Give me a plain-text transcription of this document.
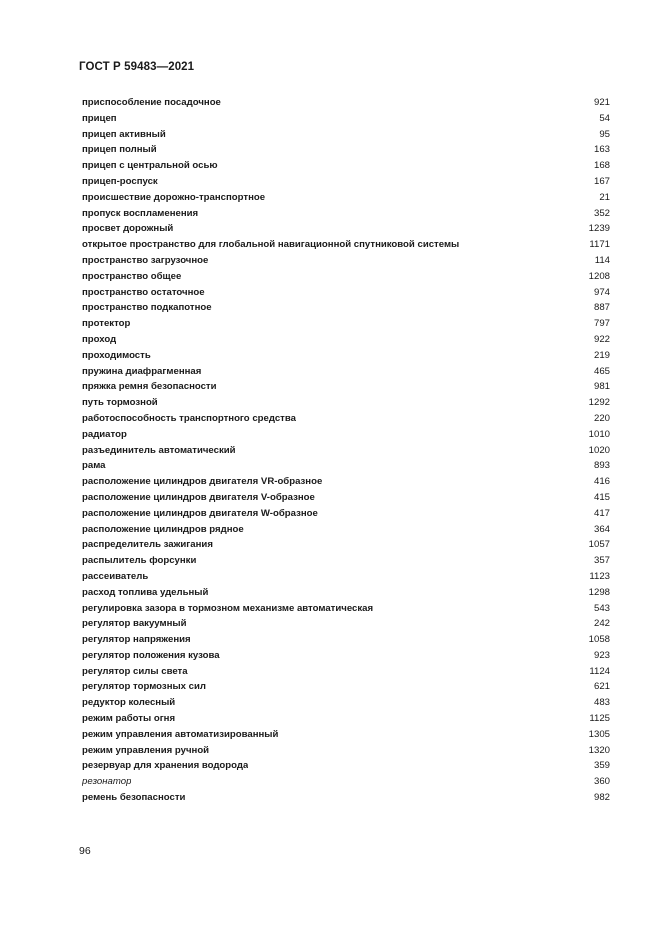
ГОСТ Р 59483—2021
приспособление посадочное	921
прицеп	54
прицеп активный	95
прицеп полный	163
прицеп с центральной осью	168
прицеп-роспуск	167
происшествие дорожно-транспортное	21
пропуск воспламенения	352
просвет дорожный	1239
открытое пространство для глобальной навигационной спутниковой системы	1171
пространство загрузочное	114
пространство общее	1208
пространство остаточное	974
пространство подкапотное	887
протектор	797
проход	922
проходимость	219
пружина диафрагменная	465
пряжка ремня безопасности	981
путь тормозной	1292
работоспособность транспортного средства	220
радиатор	1010
разъединитель автоматический	1020
рама	893
расположение цилиндров двигателя VR-образное	416
расположение цилиндров двигателя V-образное	415
расположение цилиндров двигателя W-образное	417
расположение цилиндров рядное	364
распределитель зажигания	1057
распылитель форсунки	357
рассеиватель	1123
расход топлива удельный	1298
регулировка зазора в тормозном механизме автоматическая	543
регулятор вакуумный	242
регулятор напряжения	1058
регулятор положения кузова	923
регулятор силы света	1124
регулятор тормозных сил	621
редуктор колесный	483
режим работы огня	1125
режим управления автоматизированный	1305
режим управления ручной	1320
резервуар для хранения водорода	359
резонатор	360
ремень безопасности	982
96
